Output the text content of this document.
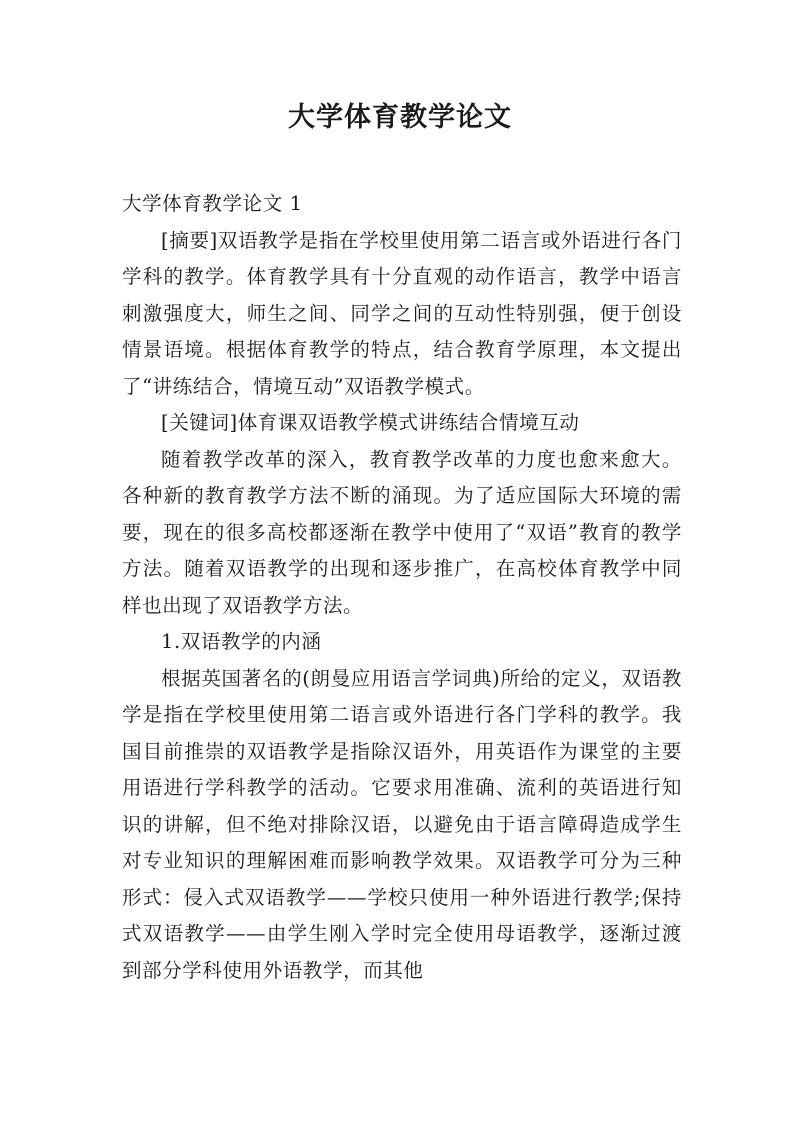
大学体育教学论文

大学体育教学论文 1

[摘要]双语教学是指在学校里使用第二语言或外语进行各门学科的教学。体育教学具有十分直观的动作语言，教学中语言刺激强度大，师生之间、同学之间的互动性特别强，便于创设情景语境。根据体育教学的特点，结合教育学原理，本文提出了“讲练结合，情境互动”双语教学模式。

[关键词]体育课双语教学模式讲练结合情境互动

随着教学改革的深入，教育教学改革的力度也愈来愈大。各种新的教育教学方法不断的涌现。为了适应国际大环境的需要，现在的很多高校都逐渐在教学中使用了“双语”教育的教学方法。随着双语教学的出现和逐步推广，在高校体育教学中同样也出现了双语教学方法。

1.双语教学的内涵

根据英国著名的(朗曼应用语言学词典)所给的定义，双语教学是指在学校里使用第二语言或外语进行各门学科的教学。我国目前推崇的双语教学是指除汉语外，用英语作为课堂的主要用语进行学科教学的活动。它要求用准确、流利的英语进行知识的讲解，但不绝对排除汉语，以避免由于语言障碍造成学生对专业知识的理解困难而影响教学效果。双语教学可分为三种形式：侵入式双语教学——学校只使用一种外语进行教学;保持式双语教学——由学生刚入学时完全使用母语教学，逐渐过渡到部分学科使用外语教学，而其他
